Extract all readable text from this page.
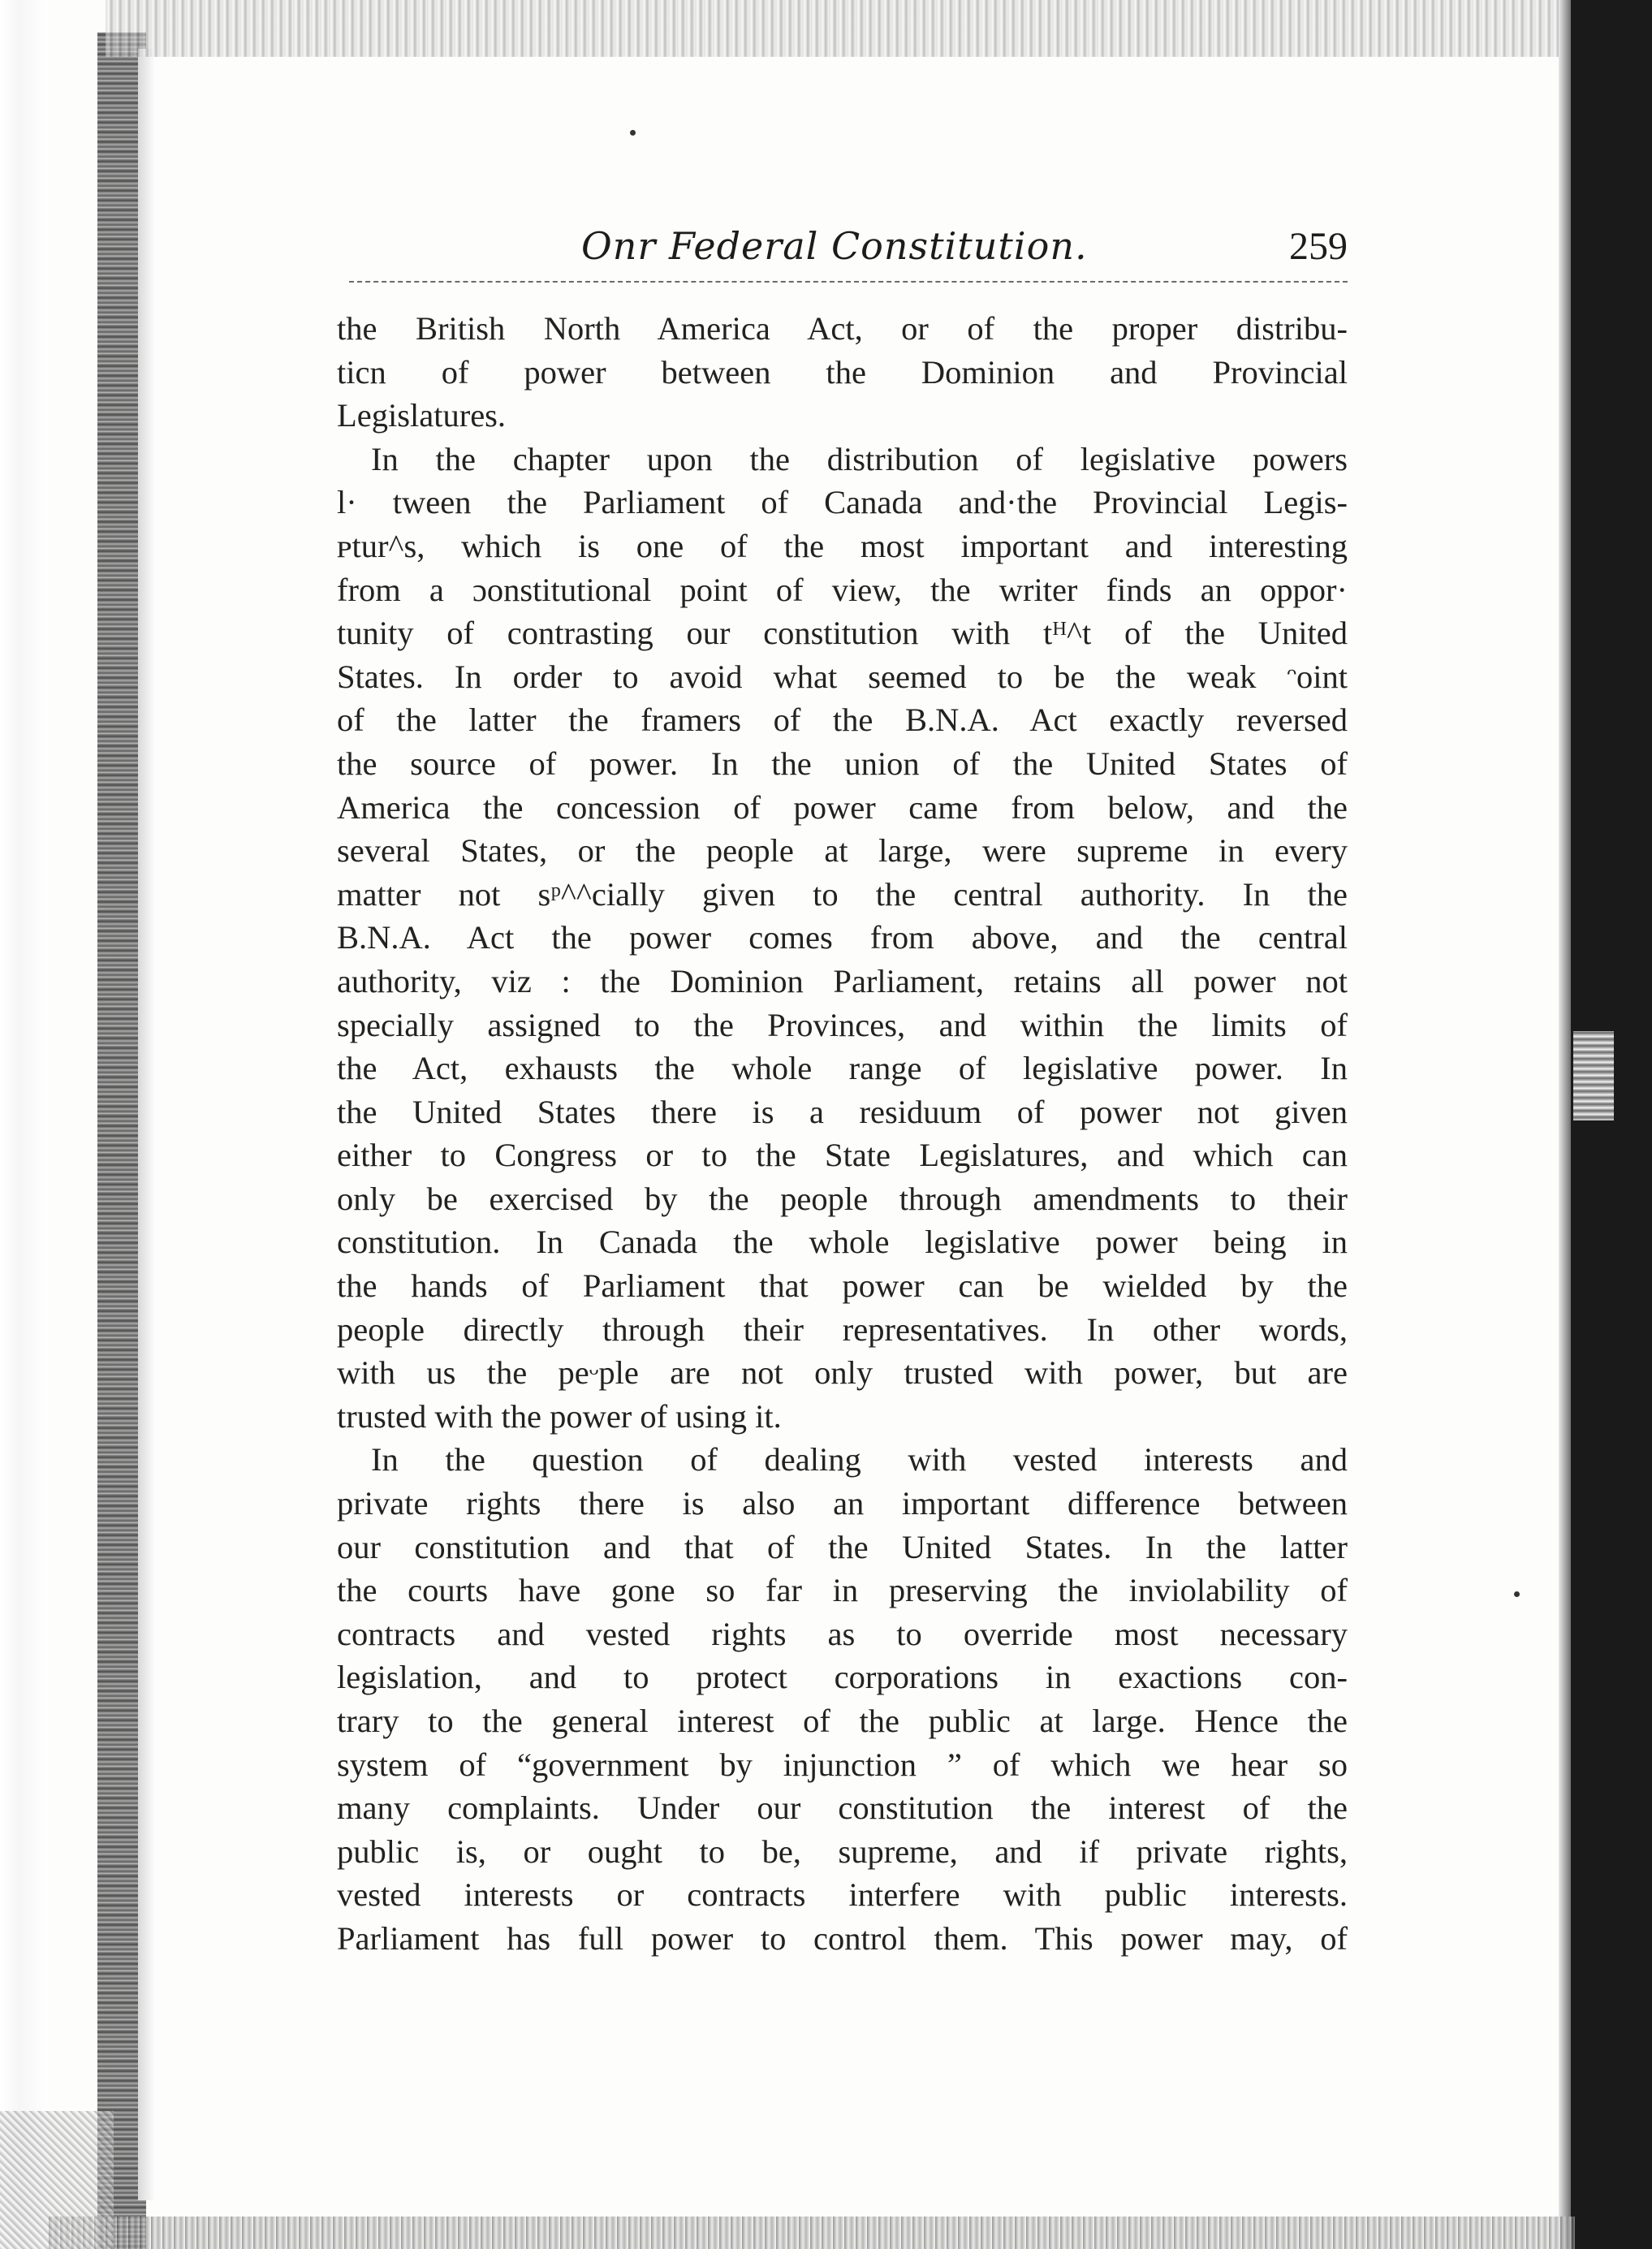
Onr Federal Constitution.	259
the British North America Act, or of the proper distribu-
ticn of power between the Dominion and Provincial
Legislatures.
In the chapter upon the distribution of legislative powers
l· tween the Parliament of Canada and·the Provincial Legis-
ᴘtur^s, which is one of the most important and interesting
from a ɔonstitutional point of view, the writer finds an oppor·
tunity of contrasting our constitution with tᴴ^t of the United
States. In order to avoid what seemed to be the weak ᵔoint
of the latter the framers of the B.N.A. Act exactly reversed
the source of power. In the union of the United States of
America the concession of power came from below, and the
several States, or the people at large, were supreme in every
matter not sᵖ^^cially given to the central authority. In the
B.N.A. Act the power comes from above, and the central
authority, viz : the Dominion Parliament, retains all power not
specially assigned to the Provinces, and within the limits of
the Act, exhausts the whole range of legislative power. In
the United States there is a residuum of power not given
either to Congress or to the State Legislatures, and which can
only be exercised by the people through amendments to their
constitution. In Canada the whole legislative power being in
the hands of Parliament that power can be wielded by the
people directly through their representatives. In other words,
with us the peᵕple are not only trusted with power, but are
trusted with the power of using it.
In the question of dealing with vested interests and
private rights there is also an important difference between
our constitution and that of the United States. In the latter
the courts have gone so far in preserving the inviolability of
contracts and vested rights as to override most necessary
legislation, and to protect corporations in exactions con-
trary to the general interest of the public at large. Hence the
system of “government by injunction ” of which we hear so
many complaints. Under our constitution the interest of the
public is, or ought to be, supreme, and if private rights,
vested interests or contracts interfere with public interests.
Parliament has full power to control them. This power may, of
